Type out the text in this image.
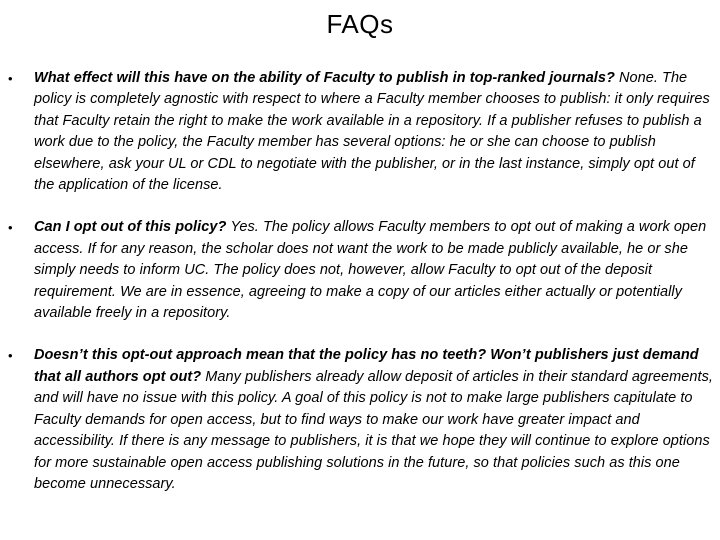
FAQs
• What effect will this have on the ability of Faculty to publish in top-ranked journals? None. The policy is completely agnostic with respect to where a Faculty member chooses to publish: it only requires that Faculty retain the right to make the work available in a repository. If a publisher refuses to publish a work due to the policy, the Faculty member has several options: he or she can choose to publish elsewhere, ask your UL or CDL to negotiate with the publisher, or in the last instance, simply opt out of the application of the license.
• Can I opt out of this policy? Yes. The policy allows Faculty members to opt out of making a work open access. If for any reason, the scholar does not want the work to be made publicly available, he or she simply needs to inform UC. The policy does not, however, allow Faculty to opt out of the deposit requirement. We are in essence, agreeing to make a copy of our articles either actually or potentially available freely in a repository.
• Doesn’t this opt-out approach mean that the policy has no teeth? Won’t publishers just demand that all authors opt out? Many publishers already allow deposit of articles in their standard agreements, and will have no issue with this policy. A goal of this policy is not to make large publishers capitulate to Faculty demands for open access, but to find ways to make our work have greater impact and accessibility. If there is any message to publishers, it is that we hope they will continue to explore options for more sustainable open access publishing solutions in the future, so that policies such as this one become unnecessary.
